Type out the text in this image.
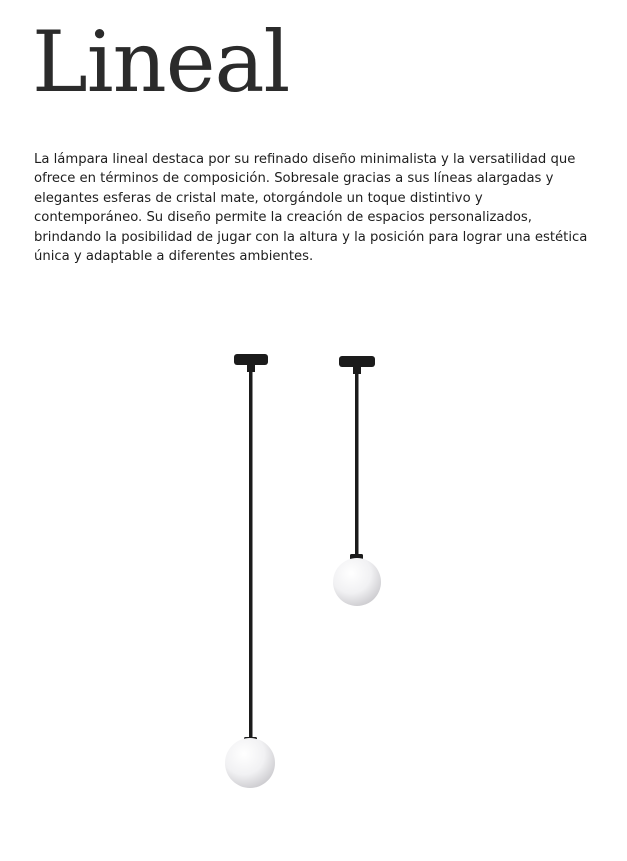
Lineal

La lámpara lineal destaca por su refinado diseño minimalista y la versatilidad que ofrece en términos de composición. Sobresale gracias a sus líneas alargadas y elegantes esferas de cristal mate, otorgándole un toque distintivo y contemporáneo. Su diseño permite la creación de espacios personalizados, brindando la posibilidad de jugar con la altura y la posición para lograr una estética única y adaptable a diferentes ambientes.
